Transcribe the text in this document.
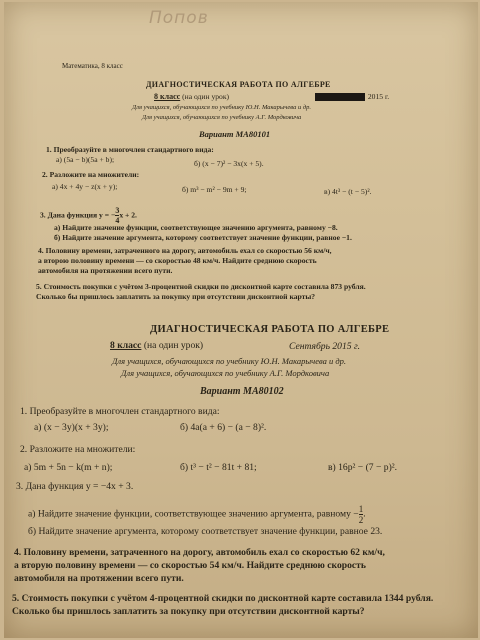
Попов
Математика, 8 класс
ДИАГНОСТИЧЕСКАЯ РАБОТА ПО АЛГЕБРЕ
8 класс (на один урок)	2015 г.
Для учащихся, обучающихся по учебнику Ю.Н. Макарычева и др.
Для учащихся, обучающихся по учебнику А.Г. Мордковича
Вариант МА80101
1. Преобразуйте в многочлен стандартного вида:
а) (5a − b)(5a + b);	б) (x − 7)² − 3x(x + 5).
2. Разложите на множители:
а) 4x + 4y − z(x + y);	б) m³ − m² − 9m + 9;	в) 4t³ − (t − 5)².
3. Дана функция y = − $\frac{3}{4}$ x + 2.
а) Найдите значение функции, соответствующее значению аргумента, равному −8.
б) Найдите значение аргумента, которому соответствует значение функции, равное −1.
4. Половину времени, затраченного на дорогу, автомобиль ехал со скоростью 56 км/ч,
а второю половину времени — со скоростью 48 км/ч. Найдите среднюю скорость
автомобиля на протяжении всего пути.
5. Стоимость покупки с учётом 3-процентной скидки по дисконтной карте составила 873 рубля.
Сколько бы пришлось заплатить за покупку при отсутствии дисконтной карты?
ДИАГНОСТИЧЕСКАЯ РАБОТА ПО АЛГЕБРЕ
8 класс (на один урок)	Сентябрь 2015 г.
Для учащихся, обучающихся по учебнику Ю.Н. Макарычева и др.
Для учащихся, обучающихся по учебнику А.Г. Мордковича
Вариант МА80102
1. Преобразуйте в многочлен стандартного вида:
а) (x − 3y)(x + 3y);	б) 4a(a + 6) − (a − 8)².
2. Разложите на множители:
а) 5m + 5n − k(m + n);	б) t³ − t² − 81t + 81;	в) 16p² − (7 − p)².
3. Дана функция y = −4x + 3.
а) Найдите значение функции, соответствующее значению аргумента, равному − $\frac{1}{2}$ .
б) Найдите значение аргумента, которому соответствует значение функции, равное 23.
4. Половину времени, затраченного на дорогу, автомобиль ехал со скоростью 62 км/ч,
а вторую половину времени — со скоростью 54 км/ч. Найдите среднюю скорость
автомобиля на протяжении всего пути.
5. Стоимость покупки с учётом 4-процентной скидки по дисконтной карте составила 1344 рубля.
Сколько бы пришлось заплатить за покупку при отсутствии дисконтной карты?
